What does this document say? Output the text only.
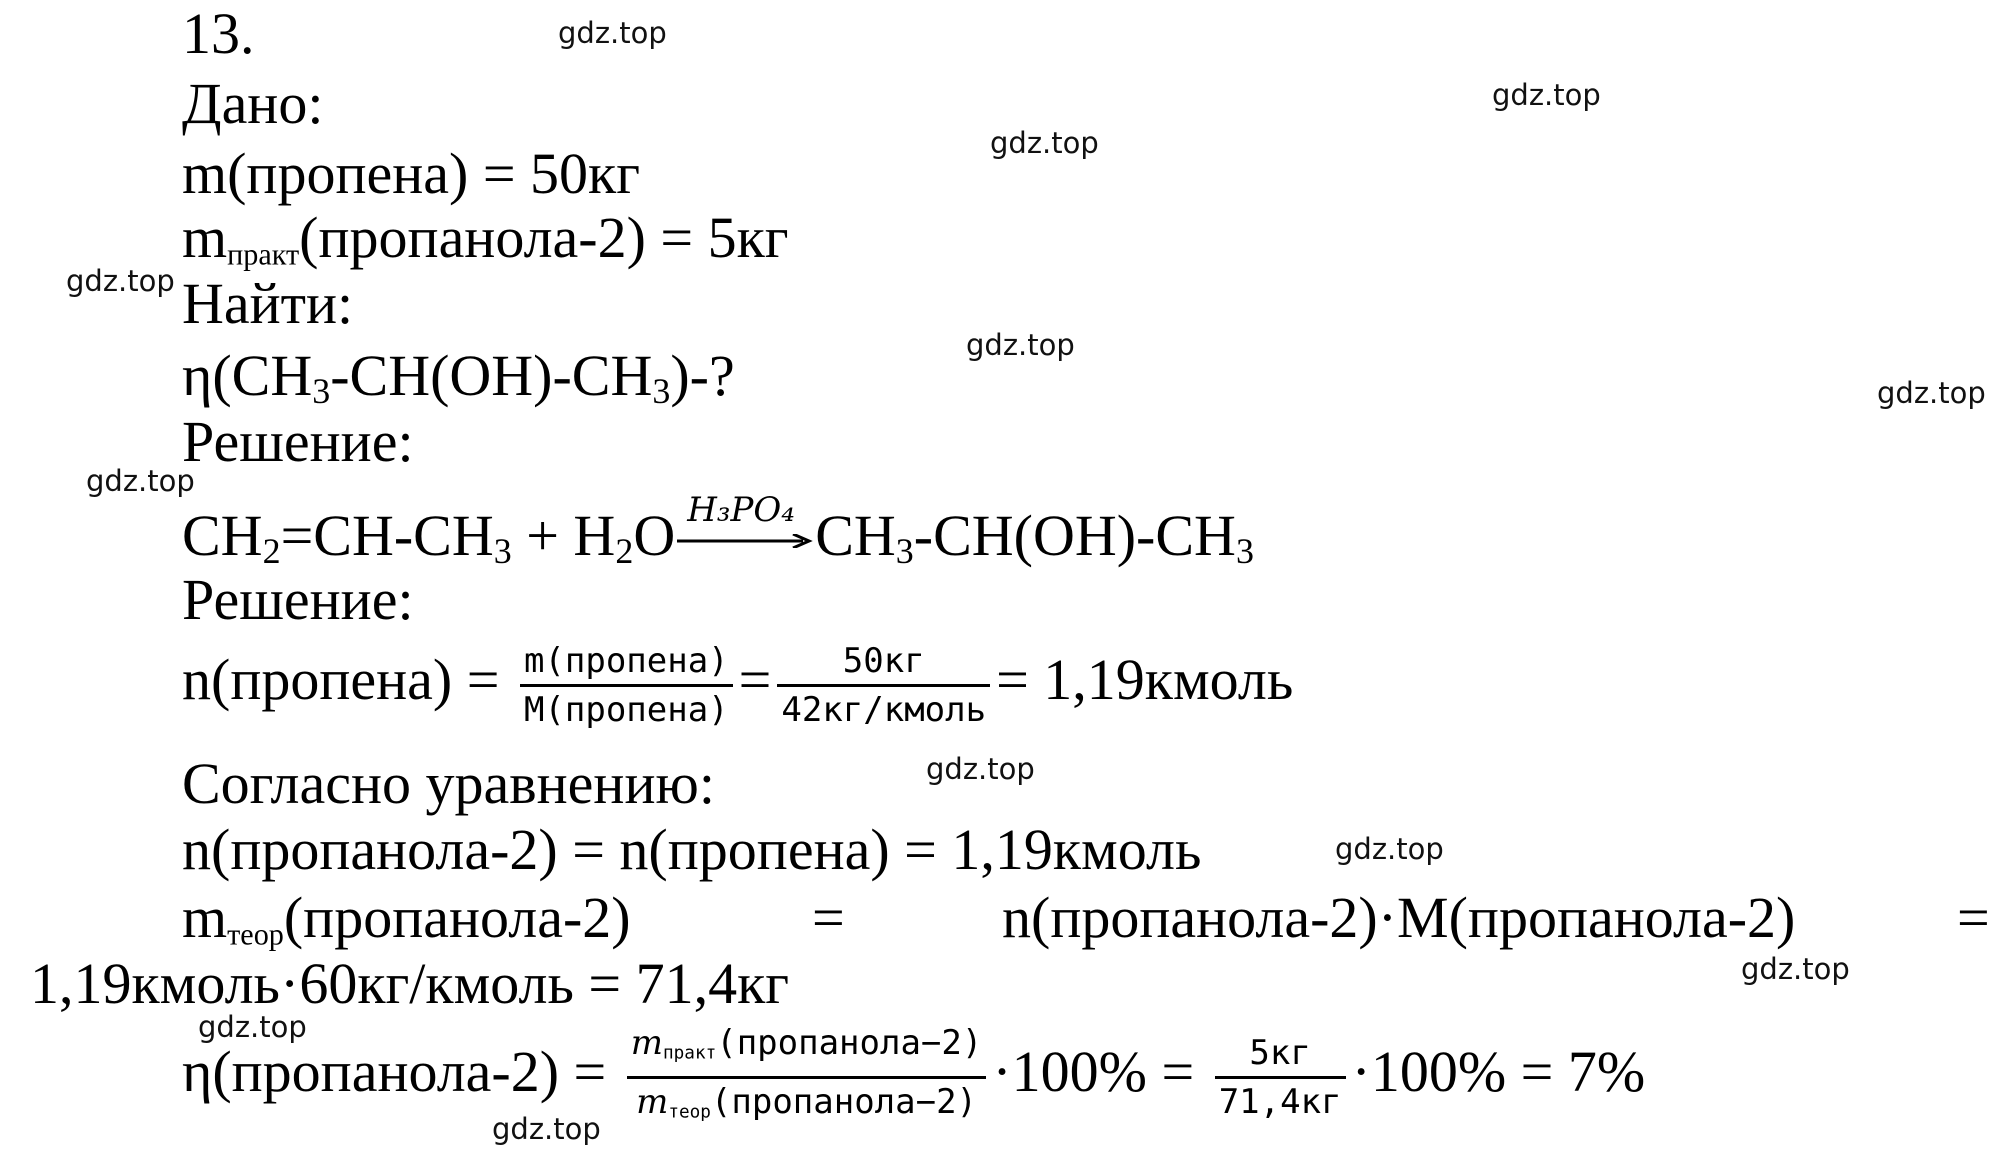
13.
Дано:
m(пропена) = 50кг
mпракт(пропанола-2) = 5кг
Найти:
$\eta(CH_3-CH(OH)-CH_3)-$?
Решение:
$CH_2=CH-CH_3 + H_2O$ H₃PO₄ $CH_3-CH(OH)-CH_3$
Решение:
n(пропена) = $\frac{\text{m(пропена)}}{\text{M(пропена)}} = \frac{50кг}{\text{42кг/кмоль}}$ = 1,19кмоль
Согласно уравнению:
n(пропанола-2) = n(пропена) = 1,19кмоль
mтеор(пропанола-2)	=	n(пропанола-2)·M(пропанола-2)	=
1,19кмоль·60кг/кмоль = 71,4кг
η(пропанола-2) = $\frac{\text{mпракт(пропанола−2)}}{\text{mтеор(пропанола−2)}} \cdot 100\% = \frac{5кг}{71,4кг} \cdot 100\% = 7\%$
gdz.top
gdz.top
gdz.top
gdz.top
gdz.top
gdz.top
gdz.top
gdz.top
gdz.top
gdz.top
gdz.top
gdz.top
